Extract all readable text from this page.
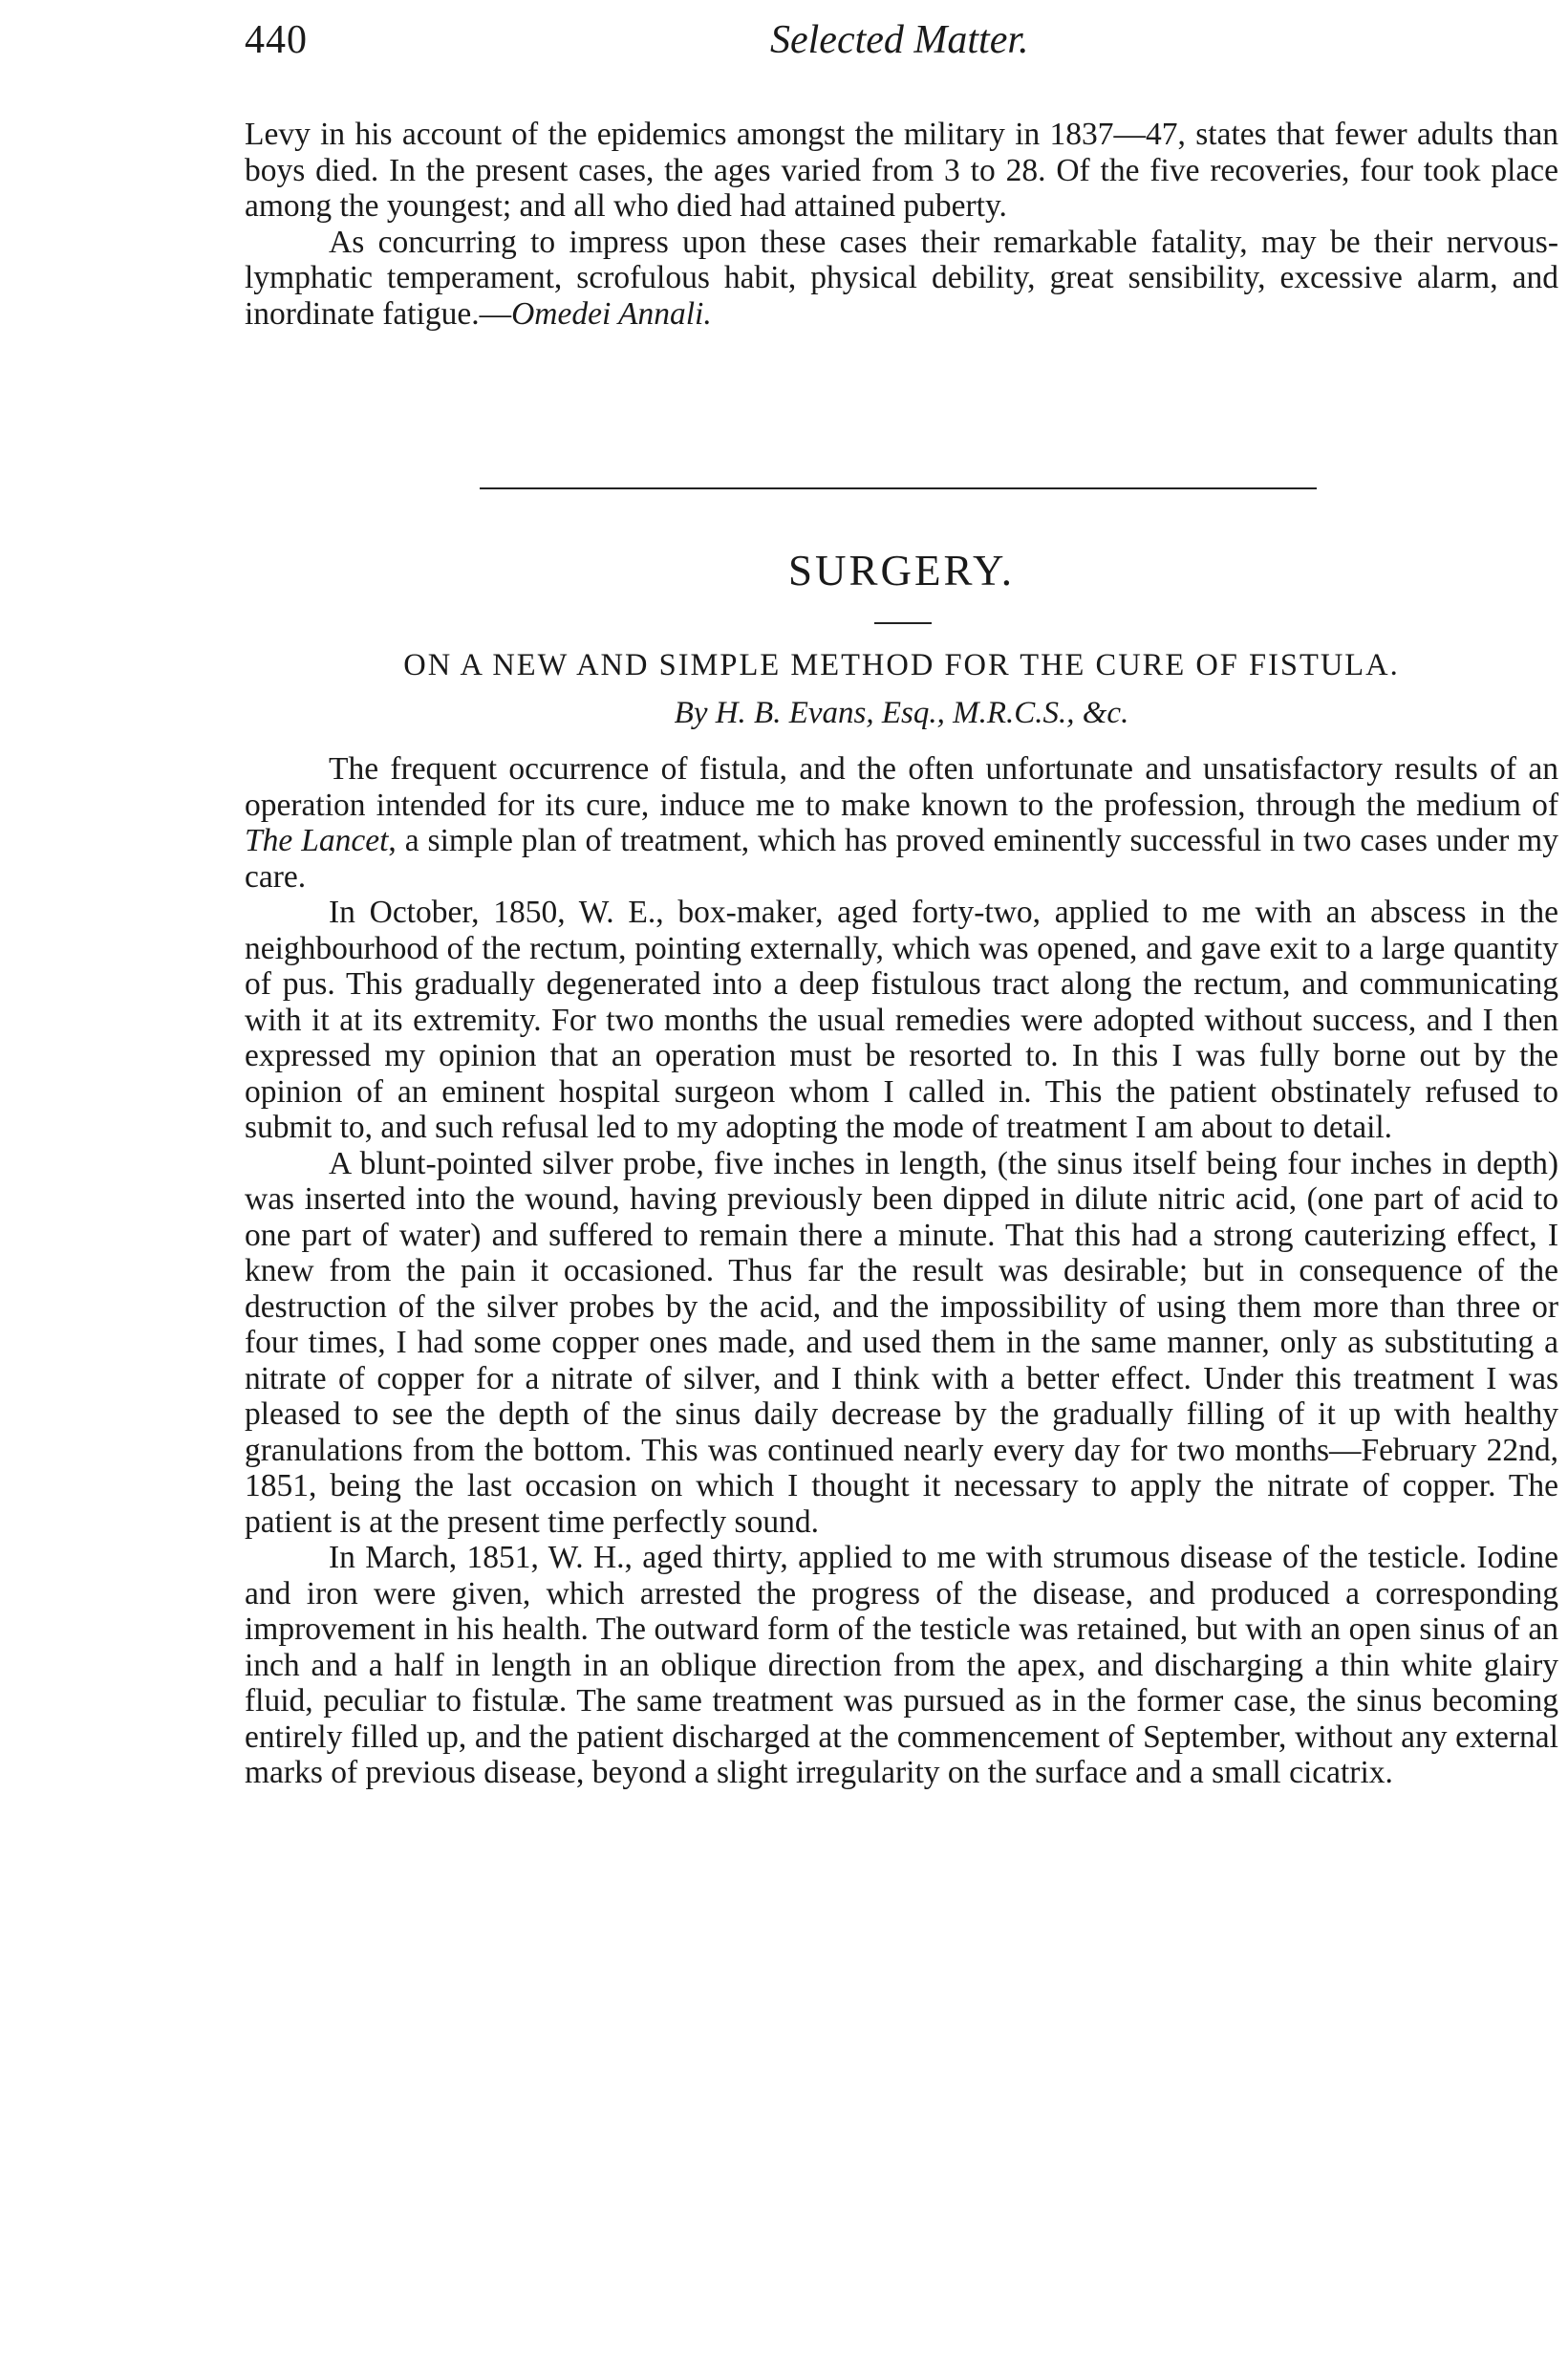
440	Selected Matter.

Levy in his account of the epidemics amongst the military in 1837—47, states that fewer adults than boys died. In the present cases, the ages varied from 3 to 28. Of the five recoveries, four took place among the youngest; and all who died had attained puberty.

As concurring to impress upon these cases their remarkable fatality, may be their nervous-lymphatic temperament, scrofulous habit, physical debility, great sensibility, excessive alarm, and inordinate fatigue.—Omedei Annali.

SURGERY.
ON A NEW AND SIMPLE METHOD FOR THE CURE OF FISTULA.
By H. B. Evans, Esq., M.R.C.S., &c.

The frequent occurrence of fistula, and the often unfortunate and unsatisfactory results of an operation intended for its cure, induce me to make known to the profession, through the medium of The Lancet, a simple plan of treatment, which has proved eminently successful in two cases under my care.

In October, 1850, W. E., box-maker, aged forty-two, applied to me with an abscess in the neighbourhood of the rectum, pointing externally, which was opened, and gave exit to a large quantity of pus. This gradually degenerated into a deep fistulous tract along the rectum, and communicating with it at its extremity. For two months the usual remedies were adopted without success, and I then expressed my opinion that an operation must be resorted to. In this I was fully borne out by the opinion of an eminent hospital surgeon whom I called in. This the patient obstinately refused to submit to, and such refusal led to my adopting the mode of treatment I am about to detail.

A blunt-pointed silver probe, five inches in length, (the sinus itself being four inches in depth) was inserted into the wound, having previously been dipped in dilute nitric acid, (one part of acid to one part of water) and suffered to remain there a minute. That this had a strong cauterizing effect, I knew from the pain it occasioned. Thus far the result was desirable; but in consequence of the destruction of the silver probes by the acid, and the impossibility of using them more than three or four times, I had some copper ones made, and used them in the same manner, only as substituting a nitrate of copper for a nitrate of silver, and I think with a better effect. Under this treatment I was pleased to see the depth of the sinus daily decrease by the gradually filling of it up with healthy granulations from the bottom. This was continued nearly every day for two months—February 22nd, 1851, being the last occasion on which I thought it necessary to apply the nitrate of copper. The patient is at the present time perfectly sound.

In March, 1851, W. H., aged thirty, applied to me with strumous disease of the testicle. Iodine and iron were given, which arrested the progress of the disease, and produced a corresponding improvement in his health. The outward form of the testicle was retained, but with an open sinus of an inch and a half in length in an oblique direction from the apex, and discharging a thin white glairy fluid, peculiar to fistulæ. The same treatment was pursued as in the former case, the sinus becoming entirely filled up, and the patient discharged at the commencement of September, without any external marks of previous disease, beyond a slight irregularity on the surface and a small cicatrix.
